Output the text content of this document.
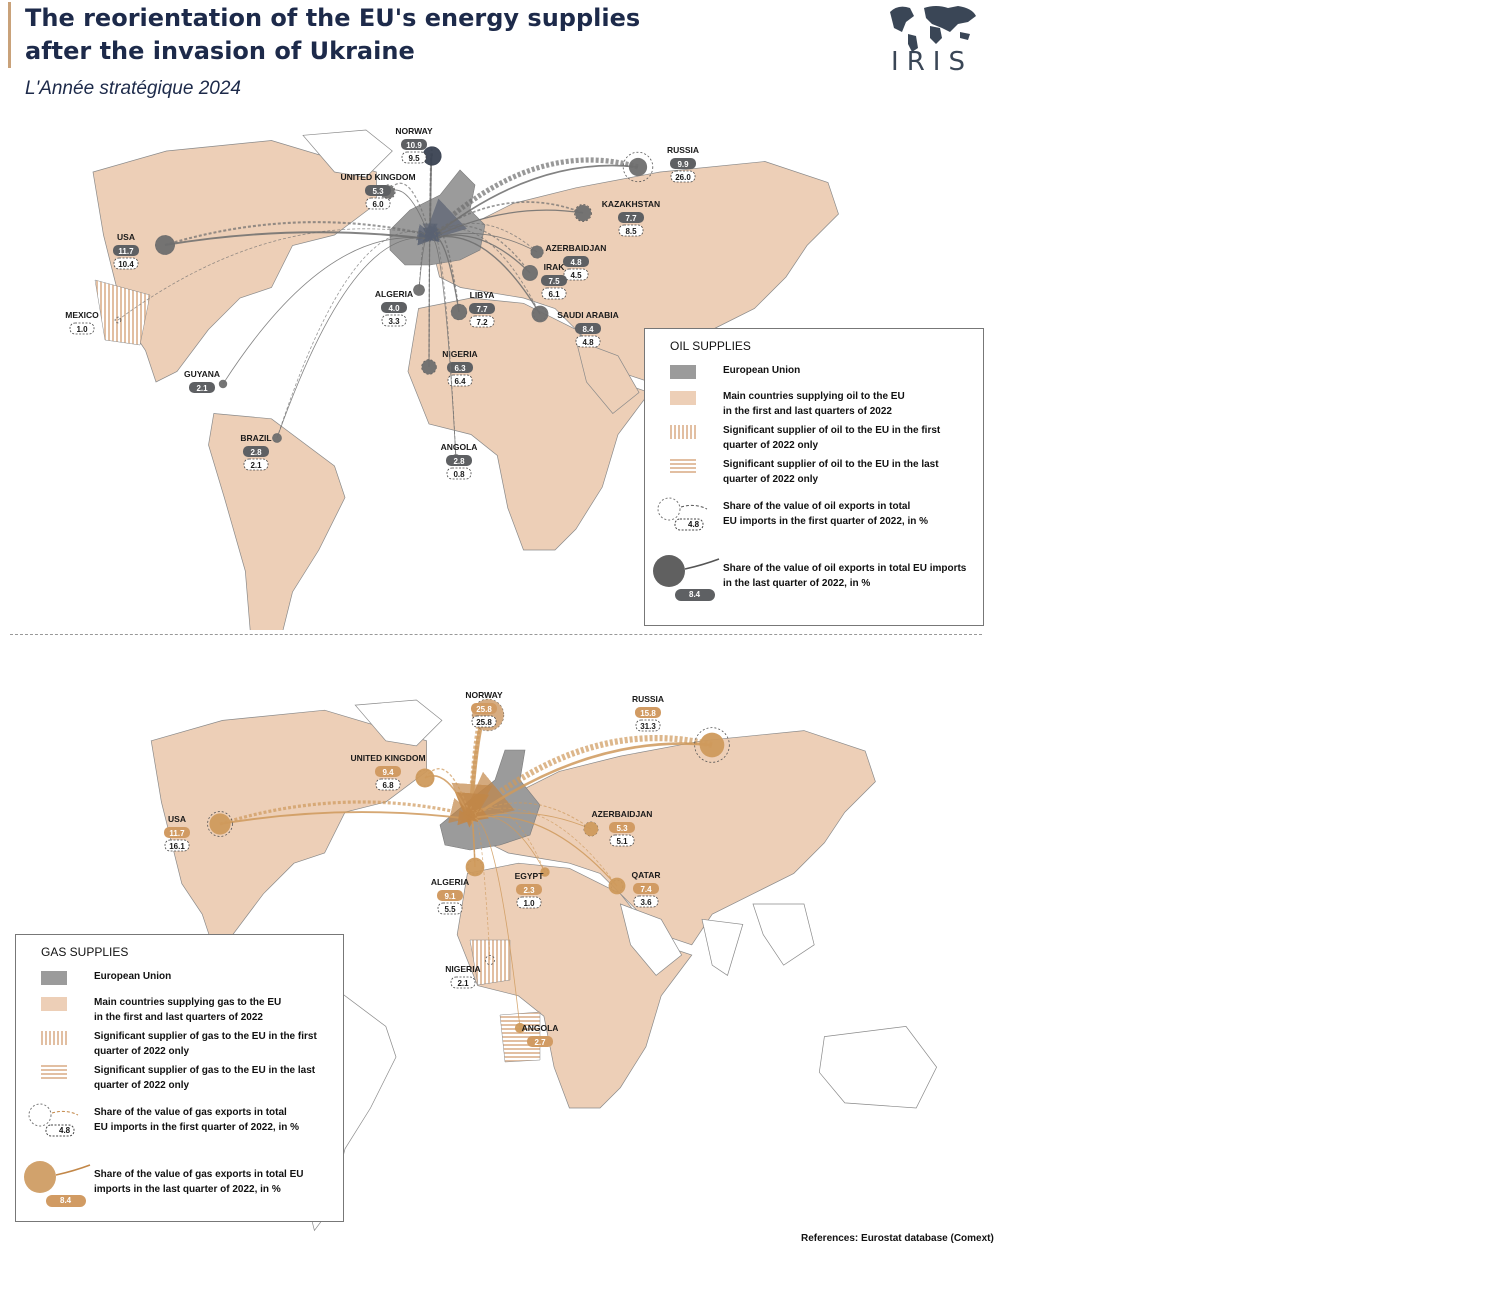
The reorientation of the EU's energy supplies
after the invasion of Ukraine
L'Année stratégique 2024
IRIS
NORWAY
10.9
9.5
UNITED KINGDOM
5.3
6.0
RUSSIA
9.9
26.0
KAZAKHSTAN
7.7
8.5
USA
11.7
10.4
AZERBAIDJAN
4.8
4.5
IRAK
7.5
6.1
ALGERIA
4.0
3.3
LIBYA
7.7
7.2
SAUDI ARABIA
8.4
4.8
MEXICO
1.0
NIGERIA
6.3
6.4
GUYANA
2.1
BRAZIL
2.8
2.1
ANGOLA
2.8
0.8
OIL SUPPLIES
European Union
Main countries supplying oil to the EU
in the first and last quarters of 2022
Significant supplier of oil to the EU in the first
quarter of 2022 only
Significant supplier of oil to the EU in the last
quarter of 2022 only
4.8
Share of the value of oil exports in total
EU imports in the first quarter of 2022, in %
8.4
Share of the value of oil exports in total EU imports
in the last quarter of 2022, in %
NORWAY
25.8
25.8
RUSSIA
15.8
31.3
UNITED KINGDOM
9.4
6.8
USA
11.7
16.1
AZERBAIDJAN
5.3
5.1
ALGERIA
9.1
5.5
EGYPT
2.3
1.0
QATAR
7.4
3.6
NIGERIA
2.1
ANGOLA
2.7
GAS SUPPLIES
European Union
Main countries supplying gas to the EU
in the first and last quarters of 2022
Significant supplier of gas to the EU in the first
quarter of 2022 only
Significant supplier of gas to the EU in the last
quarter of 2022 only
4.8
Share of the value of gas exports in total
EU imports in the first quarter of 2022, in %
8.4
Share of the value of gas exports in total EU
imports in the last quarter of 2022, in %
References: Eurostat database (Comext)
